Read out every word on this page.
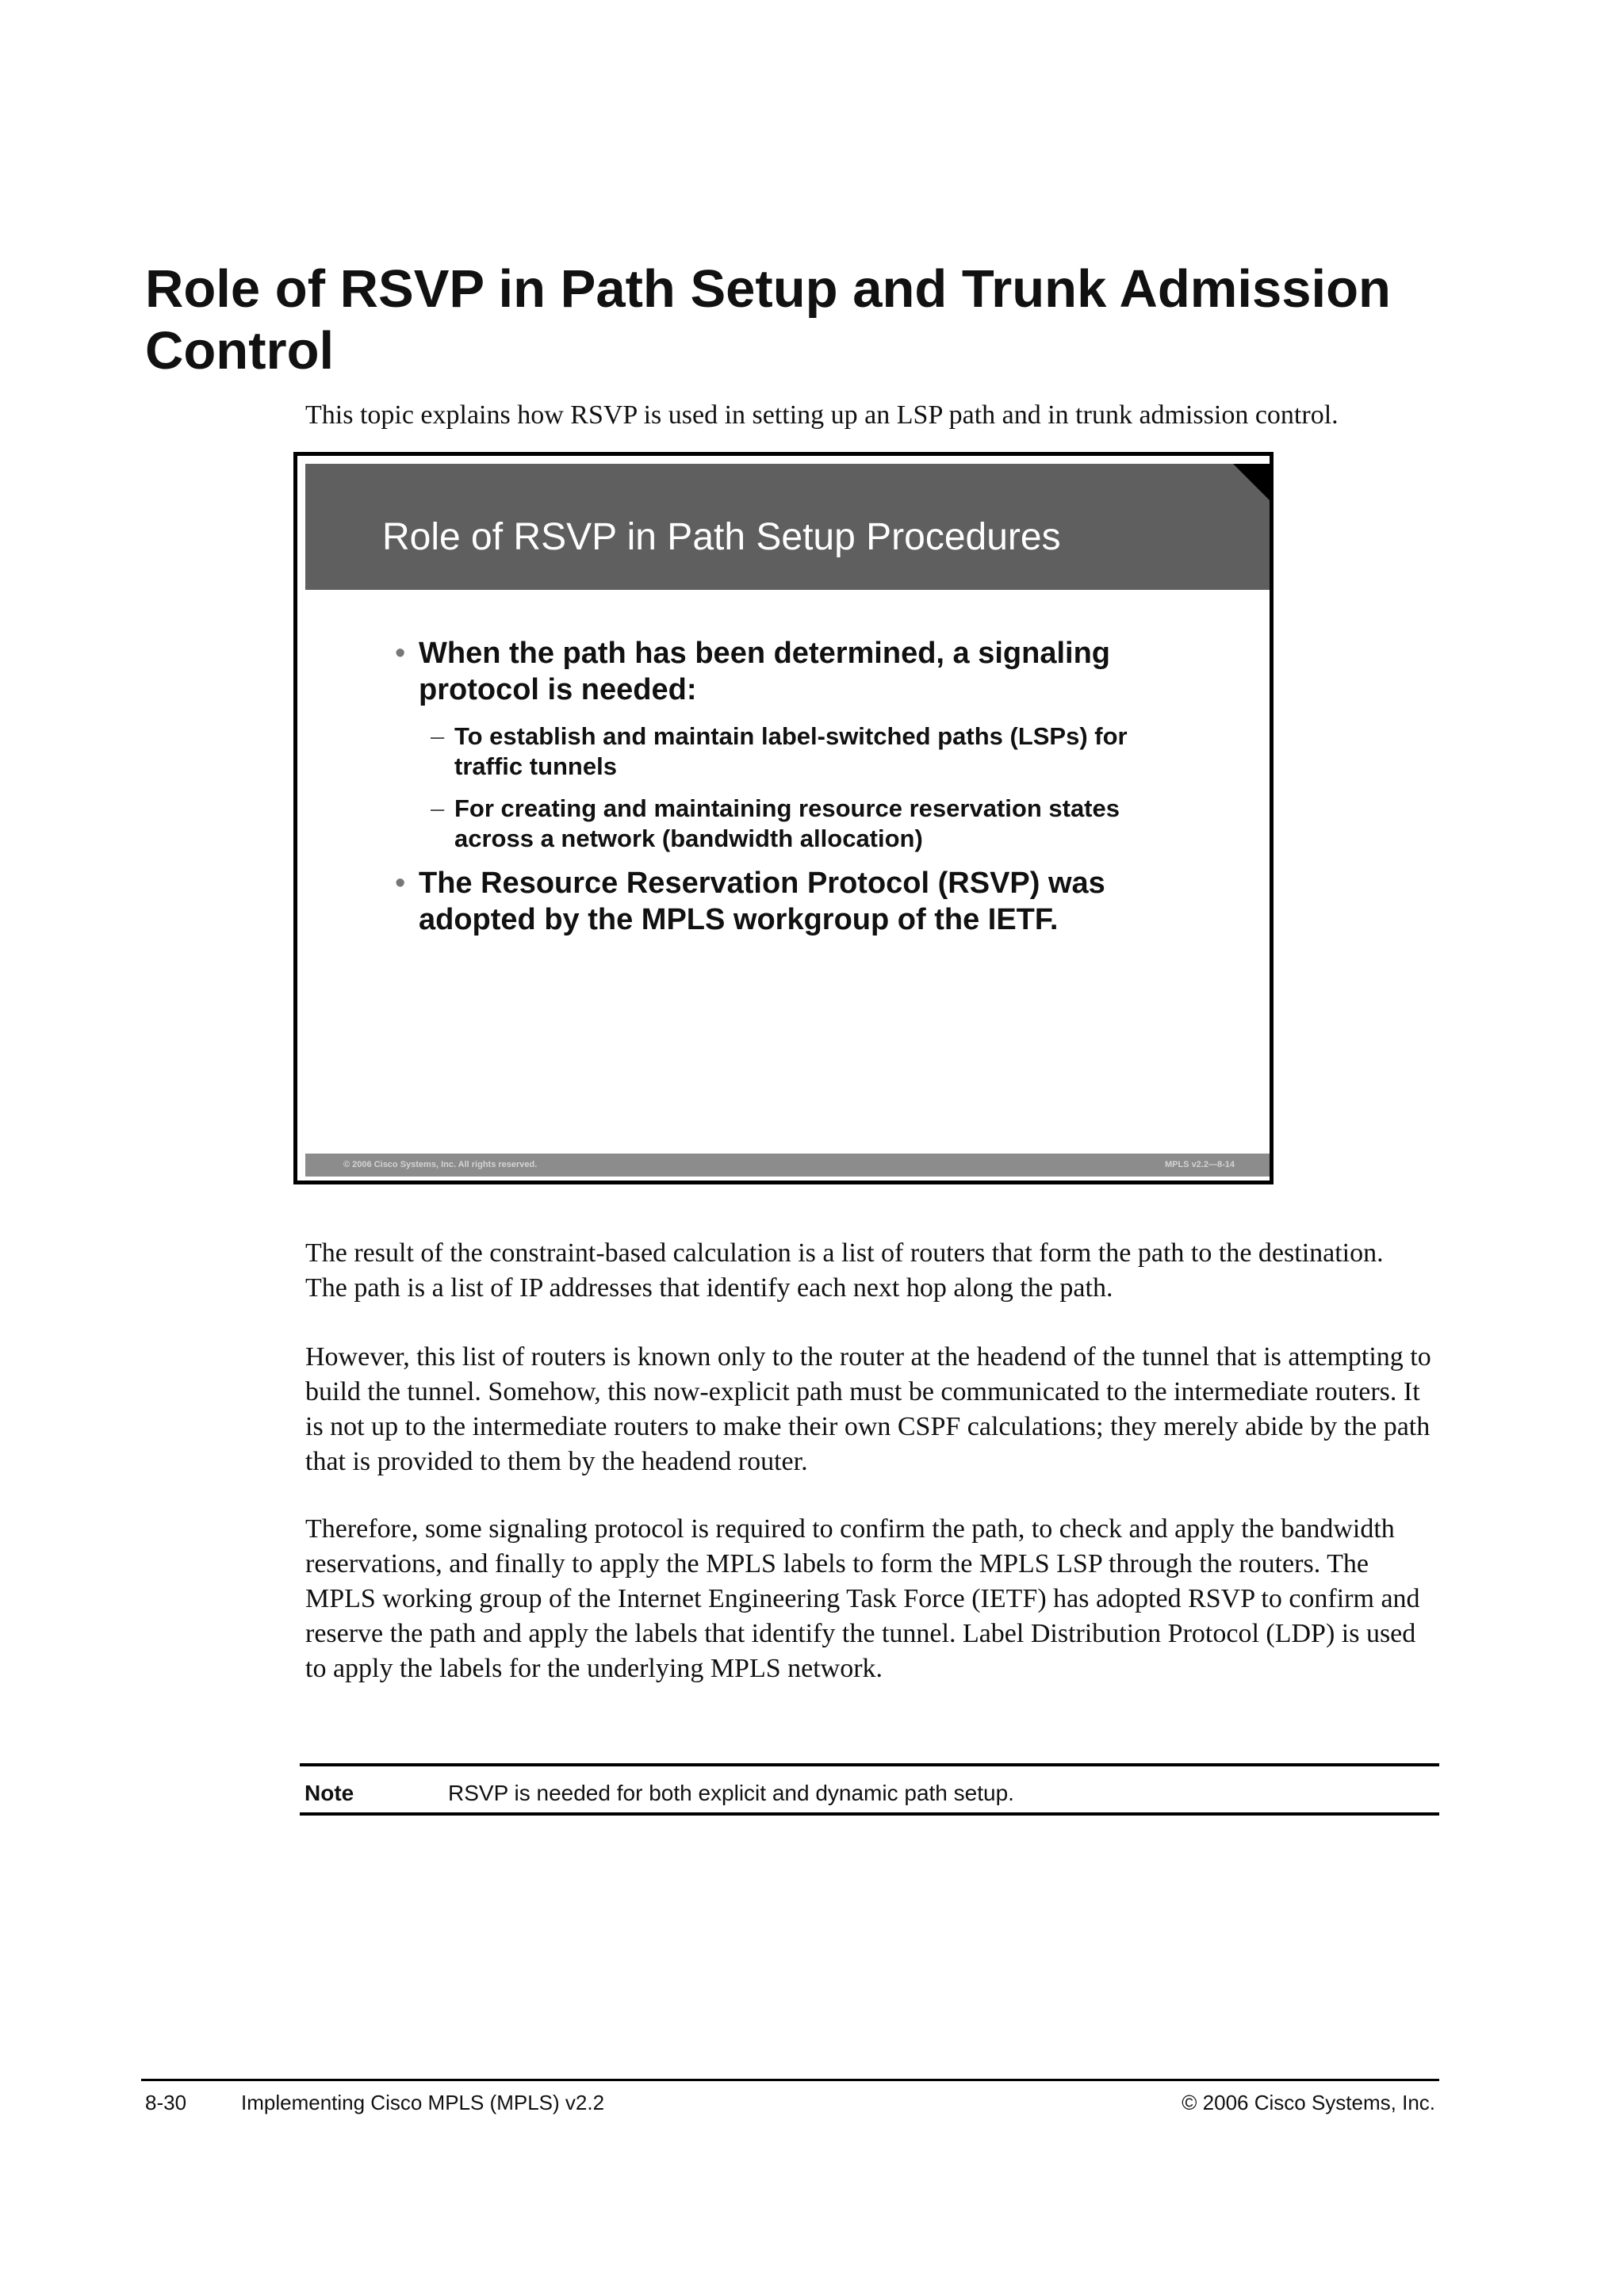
Role of RSVP in Path Setup and Trunk Admission Control

This topic explains how RSVP is used in setting up an LSP path and in trunk admission control.

Role of RSVP in Path Setup Procedures
• When the path has been determined, a signaling protocol is needed:
– To establish and maintain label-switched paths (LSPs) for traffic tunnels
– For creating and maintaining resource reservation states across a network (bandwidth allocation)
• The Resource Reservation Protocol (RSVP) was adopted by the MPLS workgroup of the IETF.
© 2006 Cisco Systems, Inc. All rights reserved.	MPLS v2.2—8-14

The result of the constraint-based calculation is a list of routers that form the path to the destination. The path is a list of IP addresses that identify each next hop along the path.

However, this list of routers is known only to the router at the headend of the tunnel that is attempting to build the tunnel. Somehow, this now-explicit path must be communicated to the intermediate routers. It is not up to the intermediate routers to make their own CSPF calculations; they merely abide by the path that is provided to them by the headend router.

Therefore, some signaling protocol is required to confirm the path, to check and apply the bandwidth reservations, and finally to apply the MPLS labels to form the MPLS LSP through the routers. The MPLS working group of the Internet Engineering Task Force (IETF) has adopted RSVP to confirm and reserve the path and apply the labels that identify the tunnel. Label Distribution Protocol (LDP) is used to apply the labels for the underlying MPLS network.

Note	RSVP is needed for both explicit and dynamic path setup.
8-30	Implementing Cisco MPLS (MPLS) v2.2	© 2006 Cisco Systems, Inc.
